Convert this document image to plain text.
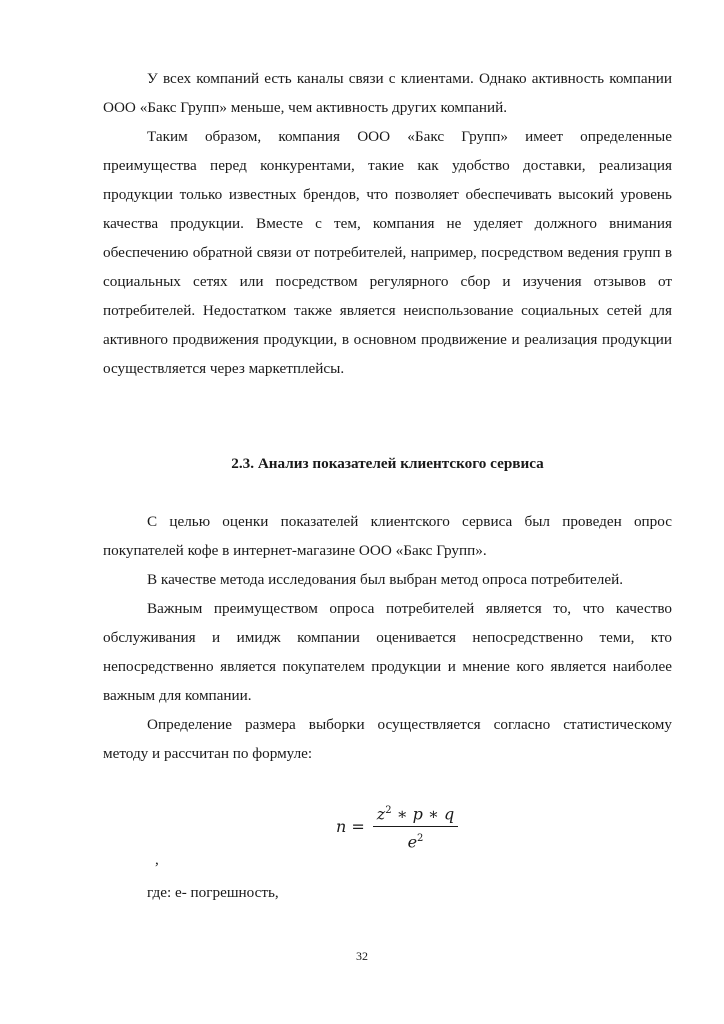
У всех компаний есть каналы связи с клиентами. Однако активность компании ООО «Бакс Групп» меньше, чем активность других компаний.

Таким образом, компания ООО «Бакс Групп» имеет определенные преимущества перед конкурентами, такие как удобство доставки, реализация продукции только известных брендов, что позволяет обеспечивать высокий уровень качества продукции. Вместе с тем, компания не уделяет должного внимания обеспечению обратной связи от потребителей, например, посредством ведения групп в социальных сетях или посредством регулярного сбор и изучения отзывов от потребителей. Недостатком также является неиспользование социальных сетей для активного продвижения продукции, в основном продвижение и реализация продукции осуществляется через маркетплейсы.

2.3. Анализ показателей клиентского сервиса

С целью оценки показателей клиентского сервиса был проведен опрос покупателей кофе в интернет-магазине ООО «Бакс Групп».

В качестве метода исследования был выбран метод опроса потребителей.

Важным преимуществом опроса потребителей является то, что качество обслуживания и имидж компании оценивается непосредственно теми, кто непосредственно является покупателем продукции и мнение кого является наиболее важным для компании.

Определение размера выборки осуществляется согласно статистическому методу и рассчитан по формуле:

$n = \frac{z^2 ∗ p ∗ q}{e^2}$
,
где: е- погрешность,
32
